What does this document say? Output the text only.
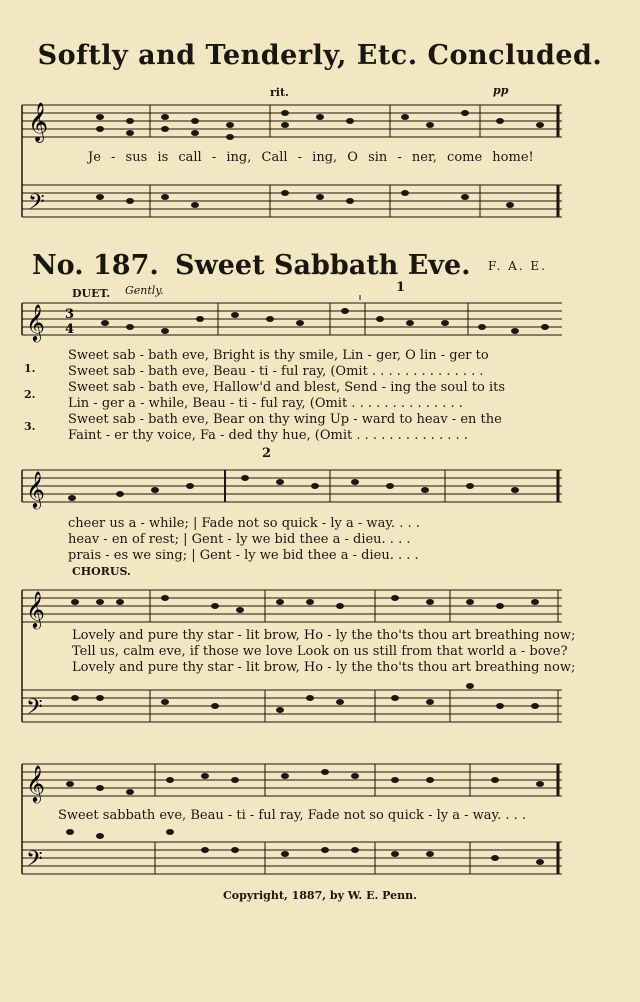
Softly and Tenderly, Etc. Concluded.
𝄞
𝄢
rit.	pp
Je - sus is call - ing, Call - ing, O sin - ner, come home!
No. 187. Sweet Sabbath Eve. F. A. E.
DUET. Gently.	1
𝄞 3
4
1.
2.
3.
Sweet sab - bath eve, Bright is thy smile, Lin - ger, O lin - ger to
Sweet sab - bath eve, Beau - ti - ful ray, (Omit . . . . . . . . . . . . . .
Sweet sab - bath eve, Hallow'd and blest, Send - ing the soul to its
Lin - ger a - while, Beau - ti - ful ray, (Omit . . . . . . . . . . . . . .
Sweet sab - bath eve, Bear on thy wing Up - ward to heav - en the
Faint - er thy voice, Fa - ded thy hue, (Omit . . . . . . . . . . . . . .
2
𝄞
cheer us a - while; | Fade not so quick - ly a - way. . . .
heav - en of rest; | Gent - ly we bid thee a - dieu. . . .
prais - es we sing; | Gent - ly we bid thee a - dieu. . . .
CHORUS.
𝄞
𝄢
Lovely and pure thy star - lit brow, Ho - ly the tho'ts thou art breathing now;
Tell us, calm eve, if those we love Look on us still from that world a - bove?
Lovely and pure thy star - lit brow, Ho - ly the tho'ts thou art breathing now;
𝄞
𝄢
Sweet sabbath eve, Beau - ti - ful ray, Fade not so quick - ly a - way. . . .
Copyright, 1887, by W. E. Penn.
